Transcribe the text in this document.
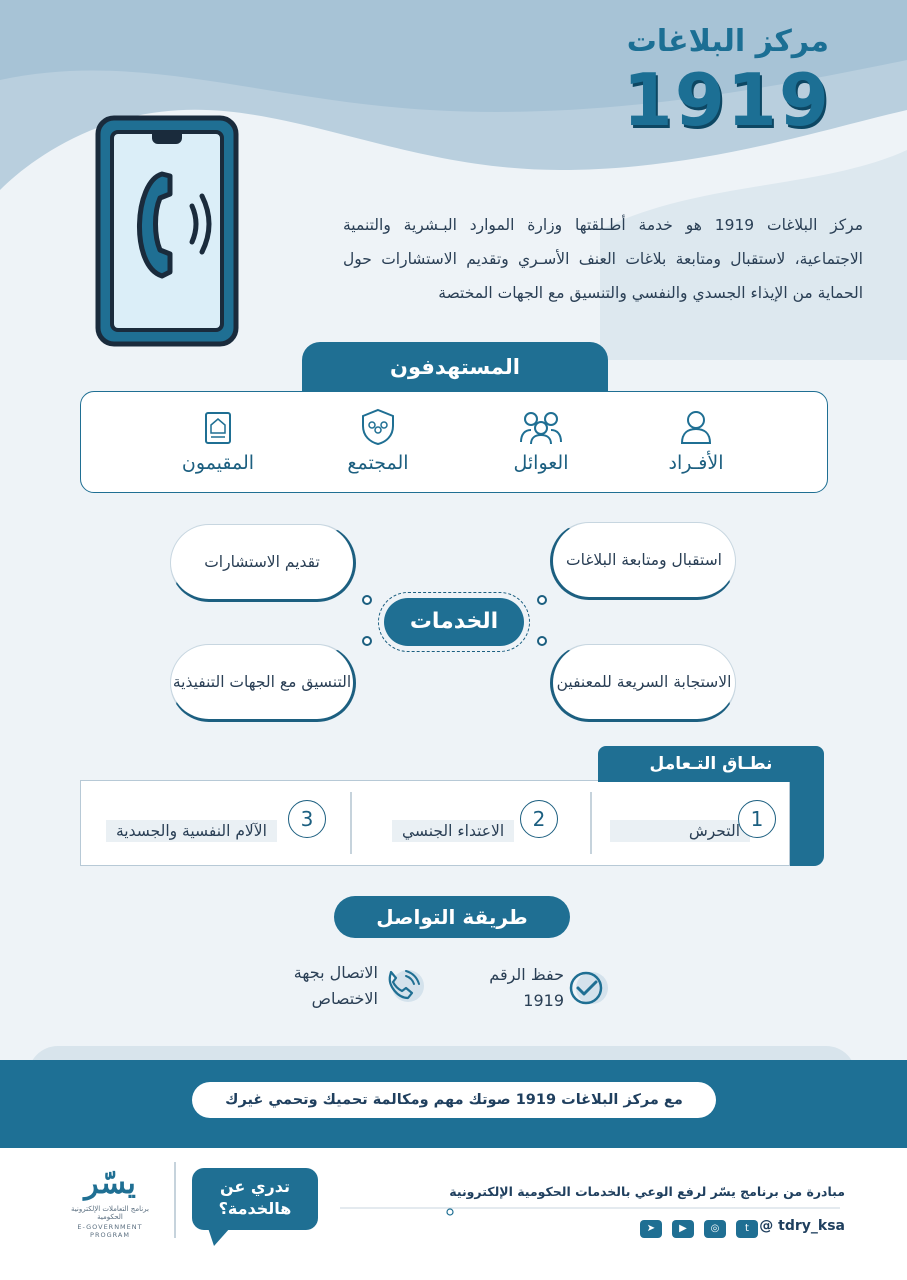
مركز البلاغات
1919
مركز البلاغات 1919 هو خدمة أطـلقتها وزارة الموارد البـشرية والتنمية الاجتماعية، لاستقبال ومتابعة بلاغات العنف الأسـري وتقديم الاستشارات حول الحماية من الإيذاء الجسدي والنفسي والتنسيق مع الجهات المختصة
المستهدفون
الأفـراد
العوائل
المجتمع
المقيمون
استقبال ومتابعة البلاغات
تقديم الاستشارات
الاستجابة السريعة للمعنفين
التنسيق مع الجهات التنفيذية
الخدمات
نطـاق التـعامل
التحرش 1
الاعتداء الجنسي	2
الآلام النفسية والجسدية	3
طريقة التواصل
حفظ الرقم
1919
الاتصال بجهة
الاختصاص
مع مركز البلاغات 1919 صوتك مهم ومكالمة تحميك وتحمي غيرك
مبادرة من برنامج يسّر لرفع الوعي بالخدمات الحكومية الإلكترونية
@ tdry_ksa
t
◎
▶
➤
تدري عن
هالخدمة؟
يسّر
برنامج التعاملات الإلكترونية الحكومية
E-GOVERNMENT PROGRAM
